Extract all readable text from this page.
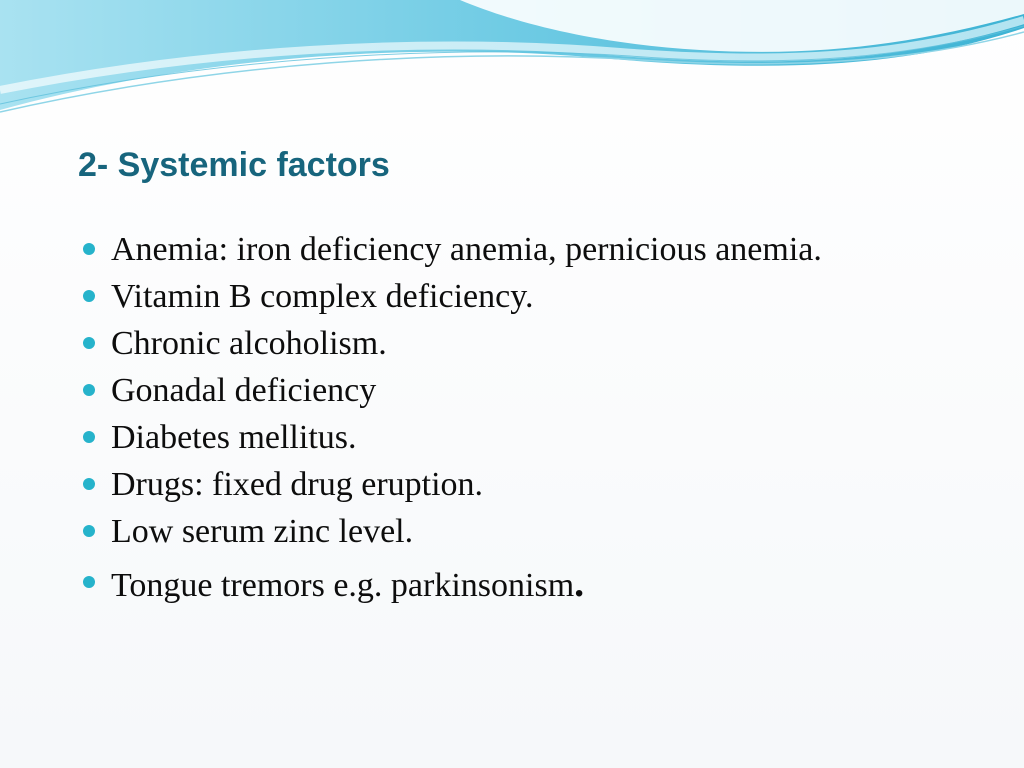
2- Systemic factors
Anemia: iron deficiency anemia, pernicious anemia.
Vitamin B complex deficiency.
Chronic alcoholism.
Gonadal deficiency
Diabetes mellitus.
Drugs: fixed drug eruption.
Low serum zinc level.
Tongue tremors e.g. parkinsonism.
